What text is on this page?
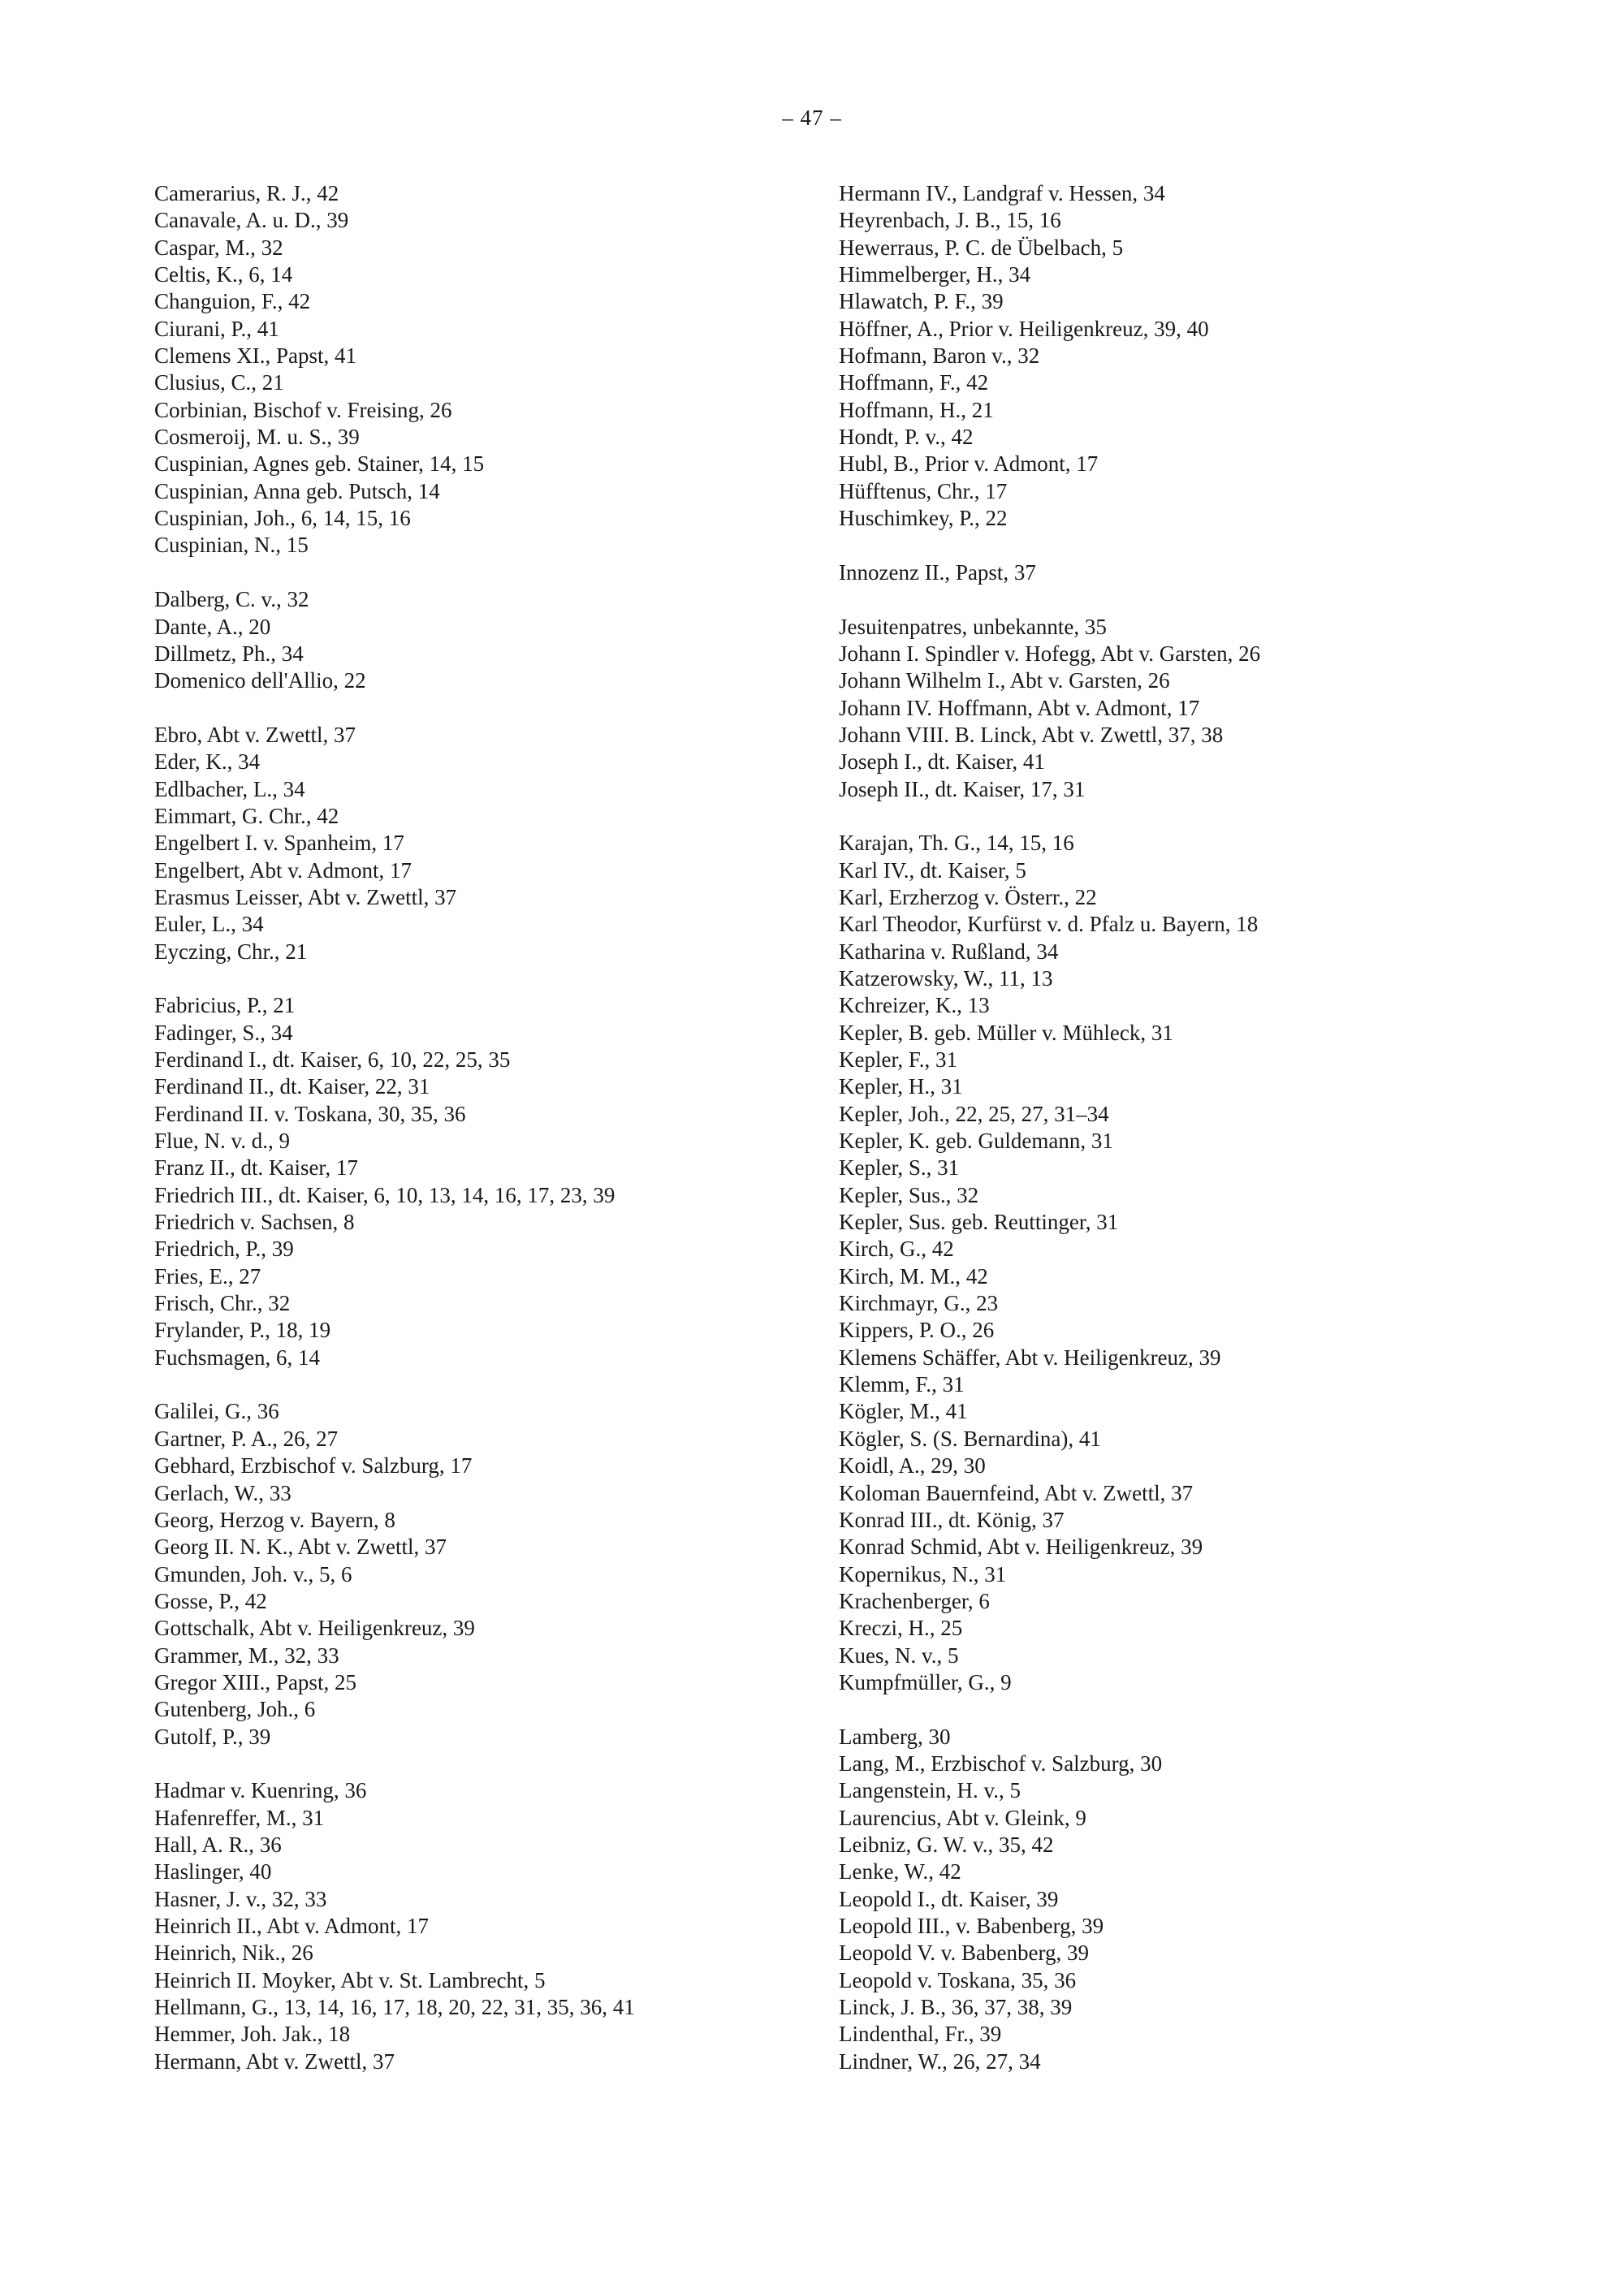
– 47 –
Camerarius, R. J., 42
Canavale, A. u. D., 39
Caspar, M., 32
Celtis, K., 6, 14
Changuion, F., 42
Ciurani, P., 41
Clemens XI., Papst, 41
Clusius, C., 21
Corbinian, Bischof v. Freising, 26
Cosmeroij, M. u. S., 39
Cuspinian, Agnes geb. Stainer, 14, 15
Cuspinian, Anna geb. Putsch, 14
Cuspinian, Joh., 6, 14, 15, 16
Cuspinian, N., 15
Dalberg, C. v., 32
Dante, A., 20
Dillmetz, Ph., 34
Domenico dell'Allio, 22
Ebro, Abt v. Zwettl, 37
Eder, K., 34
Edlbacher, L., 34
Eimmart, G. Chr., 42
Engelbert I. v. Spanheim, 17
Engelbert, Abt v. Admont, 17
Erasmus Leisser, Abt v. Zwettl, 37
Euler, L., 34
Eyczing, Chr., 21
Fabricius, P., 21
Fadinger, S., 34
Ferdinand I., dt. Kaiser, 6, 10, 22, 25, 35
Ferdinand II., dt. Kaiser, 22, 31
Ferdinand II. v. Toskana, 30, 35, 36
Flue, N. v. d., 9
Franz II., dt. Kaiser, 17
Friedrich III., dt. Kaiser, 6, 10, 13, 14, 16, 17, 23, 39
Friedrich v. Sachsen, 8
Friedrich, P., 39
Fries, E., 27
Frisch, Chr., 32
Frylander, P., 18, 19
Fuchsmagen, 6, 14
Galilei, G., 36
Gartner, P. A., 26, 27
Gebhard, Erzbischof v. Salzburg, 17
Gerlach, W., 33
Georg, Herzog v. Bayern, 8
Georg II. N. K., Abt v. Zwettl, 37
Gmunden, Joh. v., 5, 6
Gosse, P., 42
Gottschalk, Abt v. Heiligenkreuz, 39
Grammer, M., 32, 33
Gregor XIII., Papst, 25
Gutenberg, Joh., 6
Gutolf, P., 39
Hadmar v. Kuenring, 36
Hafenreffer, M., 31
Hall, A. R., 36
Haslinger, 40
Hasner, J. v., 32, 33
Heinrich II., Abt v. Admont, 17
Heinrich, Nik., 26
Heinrich II. Moyker, Abt v. St. Lambrecht, 5
Hellmann, G., 13, 14, 16, 17, 18, 20, 22, 31, 35, 36, 41
Hemmer, Joh. Jak., 18
Hermann, Abt v. Zwettl, 37
Hermann IV., Landgraf v. Hessen, 34
Heyrenbach, J. B., 15, 16
Hewerraus, P. C. de Übelbach, 5
Himmelberger, H., 34
Hlawatch, P. F., 39
Höffner, A., Prior v. Heiligenkreuz, 39, 40
Hofmann, Baron v., 32
Hoffmann, F., 42
Hoffmann, H., 21
Hondt, P. v., 42
Hubl, B., Prior v. Admont, 17
Hüfftenus, Chr., 17
Huschimkey, P., 22
Innozenz II., Papst, 37
Jesuitenpatres, unbekannte, 35
Johann I. Spindler v. Hofegg, Abt v. Garsten, 26
Johann Wilhelm I., Abt v. Garsten, 26
Johann IV. Hoffmann, Abt v. Admont, 17
Johann VIII. B. Linck, Abt v. Zwettl, 37, 38
Joseph I., dt. Kaiser, 41
Joseph II., dt. Kaiser, 17, 31
Karajan, Th. G., 14, 15, 16
Karl IV., dt. Kaiser, 5
Karl, Erzherzog v. Österr., 22
Karl Theodor, Kurfürst v. d. Pfalz u. Bayern, 18
Katharina v. Rußland, 34
Katzerowsky, W., 11, 13
Kchreizer, K., 13
Kepler, B. geb. Müller v. Mühleck, 31
Kepler, F., 31
Kepler, H., 31
Kepler, Joh., 22, 25, 27, 31–34
Kepler, K. geb. Guldemann, 31
Kepler, S., 31
Kepler, Sus., 32
Kepler, Sus. geb. Reuttinger, 31
Kirch, G., 42
Kirch, M. M., 42
Kirchmayr, G., 23
Kippers, P. O., 26
Klemens Schäffer, Abt v. Heiligenkreuz, 39
Klemm, F., 31
Kögler, M., 41
Kögler, S. (S. Bernardina), 41
Koidl, A., 29, 30
Koloman Bauernfeind, Abt v. Zwettl, 37
Konrad III., dt. König, 37
Konrad Schmid, Abt v. Heiligenkreuz, 39
Kopernikus, N., 31
Krachenberger, 6
Kreczi, H., 25
Kues, N. v., 5
Kumpfmüller, G., 9
Lamberg, 30
Lang, M., Erzbischof v. Salzburg, 30
Langenstein, H. v., 5
Laurencius, Abt v. Gleink, 9
Leibniz, G. W. v., 35, 42
Lenke, W., 42
Leopold I., dt. Kaiser, 39
Leopold III., v. Babenberg, 39
Leopold V. v. Babenberg, 39
Leopold v. Toskana, 35, 36
Linck, J. B., 36, 37, 38, 39
Lindenthal, Fr., 39
Lindner, W., 26, 27, 34
